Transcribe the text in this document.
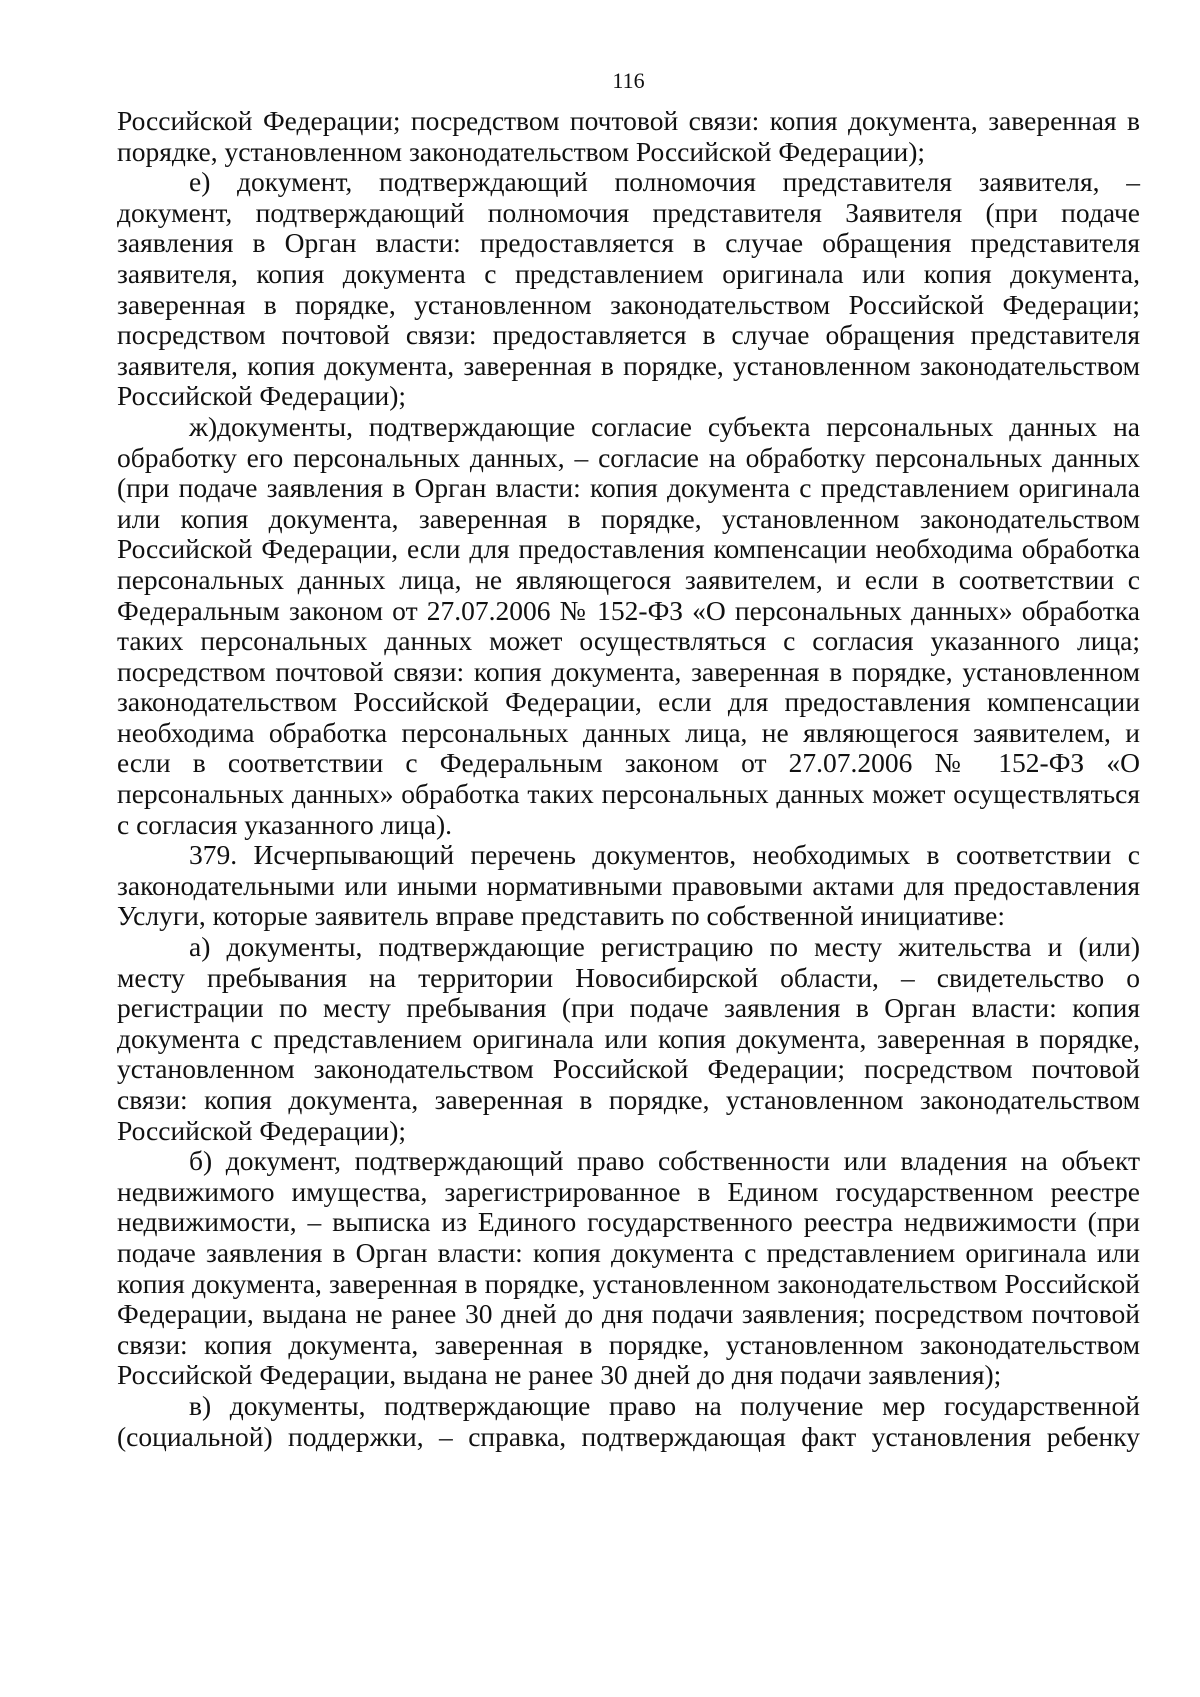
116

Российской Федерации; посредством почтовой связи: копия документа, заверенная в порядке, установленном законодательством Российской Федерации);

е) документ, подтверждающий полномочия представителя заявителя, – документ, подтверждающий полномочия представителя Заявителя (при подаче заявления в Орган власти: предоставляется в случае обращения представителя заявителя, копия документа с представлением оригинала или копия документа, заверенная в порядке, установленном законодательством Российской Федерации; посредством почтовой связи: предоставляется в случае обращения представителя заявителя, копия документа, заверенная в порядке, установленном законодательством Российской Федерации);

ж)документы, подтверждающие согласие субъекта персональных данных на обработку его персональных данных, – согласие на обработку персональных данных (при подаче заявления в Орган власти: копия документа с представлением оригинала или копия документа, заверенная в порядке, установленном законодательством Российской Федерации, если для предоставления компенсации необходима обработка персональных данных лица, не являющегося заявителем, и если в соответствии с Федеральным законом от 27.07.2006 № 152-ФЗ «О персональных данных» обработка таких персональных данных может осуществляться с согласия указанного лица; посредством почтовой связи: копия документа, заверенная в порядке, установленном законодательством Российской Федерации, если для предоставления компенсации необходима обработка персональных данных лица, не являющегося заявителем, и если в соответствии с Федеральным законом от 27.07.2006 № 152-ФЗ «О персональных данных» обработка таких персональных данных может осуществляться с согласия указанного лица).

379. Исчерпывающий перечень документов, необходимых в соответствии с законодательными или иными нормативными правовыми актами для предоставления Услуги, которые заявитель вправе представить по собственной инициативе:

а) документы, подтверждающие регистрацию по месту жительства и (или) месту пребывания на территории Новосибирской области, – свидетельство о регистрации по месту пребывания (при подаче заявления в Орган власти: копия документа с представлением оригинала или копия документа, заверенная в порядке, установленном законодательством Российской Федерации; посредством почтовой связи: копия документа, заверенная в порядке, установленном законодательством Российской Федерации);

б) документ, подтверждающий право собственности или владения на объект недвижимого имущества, зарегистрированное в Едином государственном реестре недвижимости, – выписка из Единого государственного реестра недвижимости (при подаче заявления в Орган власти: копия документа с представлением оригинала или копия документа, заверенная в порядке, установленном законодательством Российской Федерации, выдана не ранее 30 дней до дня подачи заявления; посредством почтовой связи: копия документа, заверенная в порядке, установленном законодательством Российской Федерации, выдана не ранее 30 дней до дня подачи заявления);

в) документы, подтверждающие право на получение мер государственной (социальной) поддержки, – справка, подтверждающая факт установления ребенку
